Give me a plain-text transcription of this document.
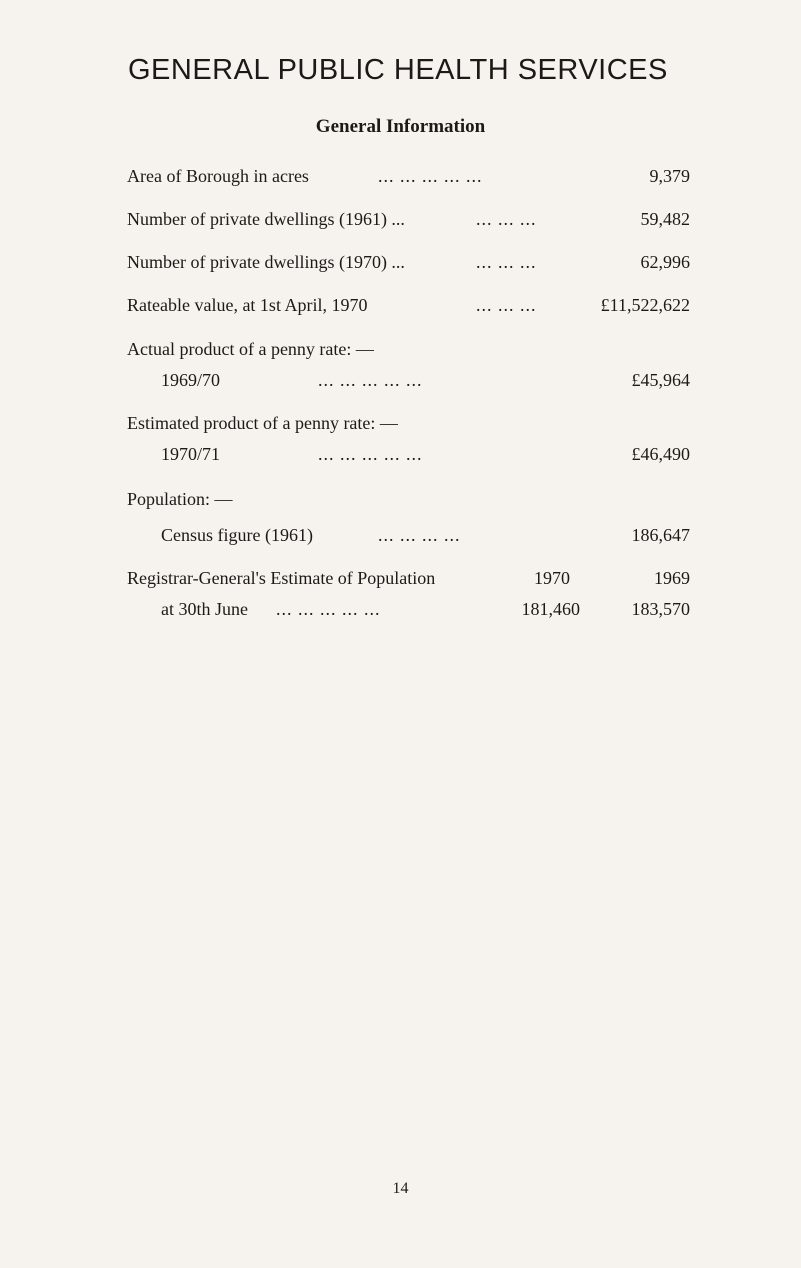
GENERAL PUBLIC HEALTH SERVICES
General Information
Area of Borough in acres	... ... ... ... ...	9,379
Number of private dwellings (1961) ...	... ... ...	59,482
Number of private dwellings (1970) ...	... ... ...	62,996
Rateable value, at 1st April, 1970	... ... ...	£11,522,622
Actual product of a penny rate: —
1969/70	... ... ... ... ...	£45,964
Estimated product of a penny rate: —
1970/71	... ... ... ... ...	£46,490
Population: —
Census figure (1961)	... ... ... ...	186,647
Registrar-General's Estimate of Population	1970	1969
at 30th June ... ... ... ... ...	181,460	183,570
14
